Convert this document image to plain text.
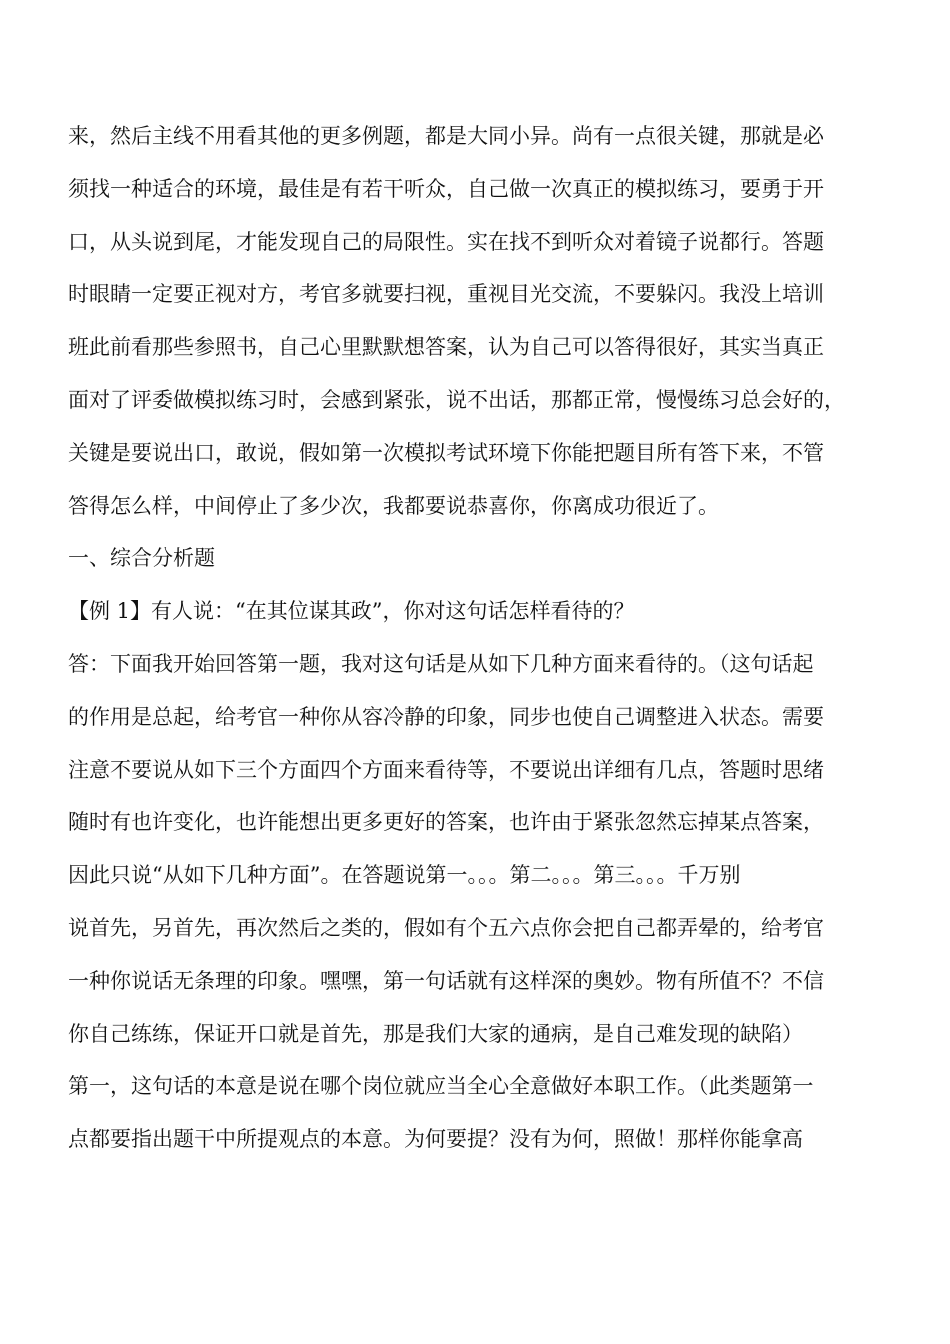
来，然后主线不用看其他的更多例题，都是大同小异。尚有一点很关键，那就是必
须找一种适合的环境，最佳是有若干听众，自己做一次真正的模拟练习，要勇于开
口，从头说到尾，才能发现自己的局限性。实在找不到听众对着镜子说都行。答题
时眼睛一定要正视对方，考官多就要扫视，重视目光交流，不要躲闪。我没上培训
班此前看那些参照书，自己心里默默想答案，认为自己可以答得很好，其实当真正
面对了评委做模拟练习时，会感到紧张，说不出话，那都正常，慢慢练习总会好的，
关键是要说出口，敢说，假如第一次模拟考试环境下你能把题目所有答下来，不管
答得怎么样，中间停止了多少次，我都要说恭喜你，你离成功很近了。
一、综合分析题
【例 1】有人说：“在其位谋其政”，你对这句话怎样看待的？
答：下面我开始回答第一题，我对这句话是从如下几种方面来看待的。（这句话起
的作用是总起，给考官一种你从容冷静的印象，同步也使自己调整进入状态。需要
注意不要说从如下三个方面四个方面来看待等，不要说出详细有几点，答题时思绪
随时有也许变化，也许能想出更多更好的答案，也许由于紧张忽然忘掉某点答案，
因此只说“从如下几种方面”。在答题说第一。。。第二。。。第三。。。千万别
说首先，另首先，再次然后之类的，假如有个五六点你会把自己都弄晕的，给考官
一种你说话无条理的印象。嘿嘿，第一句话就有这样深的奥妙。物有所值不？不信
你自己练练，保证开口就是首先，那是我们大家的通病，是自己难发现的缺陷）
第一，这句话的本意是说在哪个岗位就应当全心全意做好本职工作。（此类题第一
点都要指出题干中所提观点的本意。为何要提？没有为何，照做！那样你能拿高
